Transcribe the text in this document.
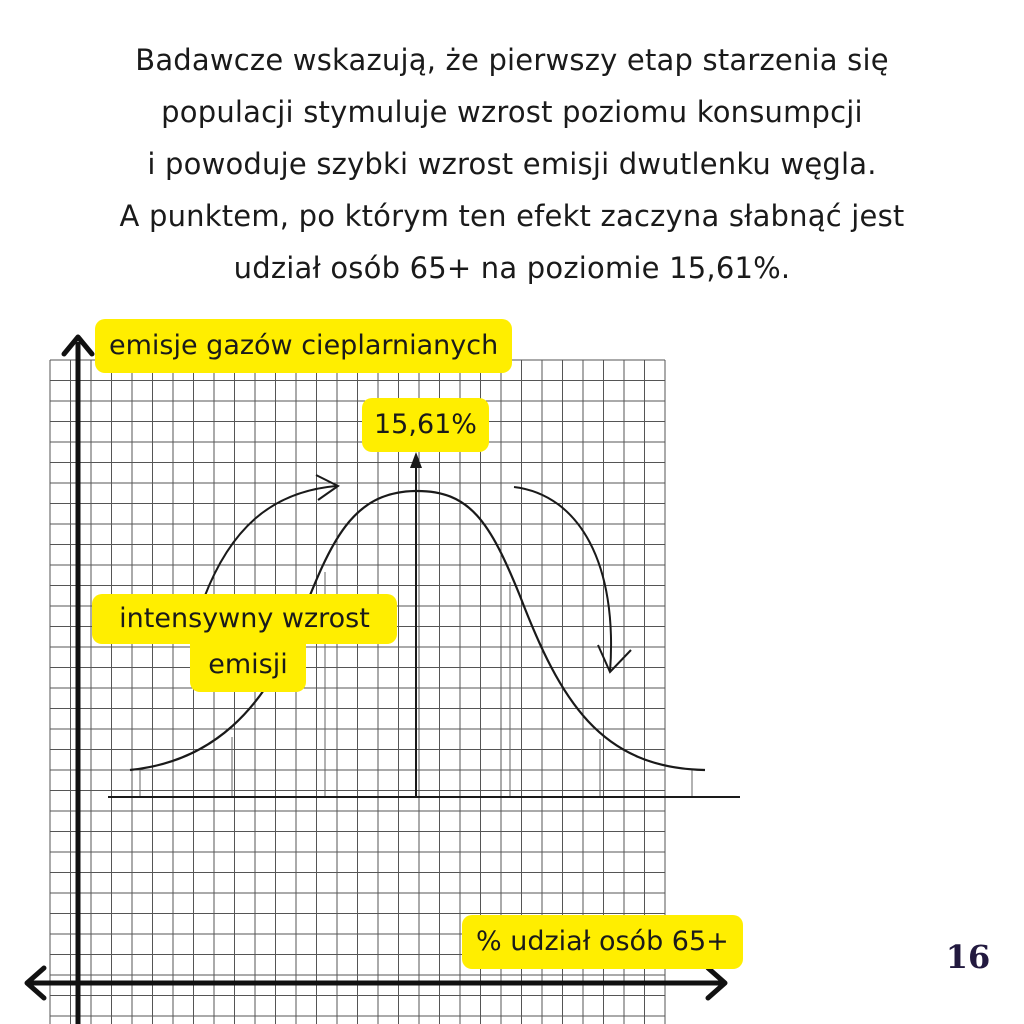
Badawcze wskazują, że pierwszy etap starzenia się
populacji stymuluje wzrost poziomu konsumpcji
i powoduje szybki wzrost emisji dwutlenku węgla.
A punktem, po którym ten efekt zaczyna słabnąć jest
udział osób 65+ na poziomie 15,61%.
emisje gazów cieplarnianych
15,61%
% udział osób 65+
intensywny wzrost
emisji
16
